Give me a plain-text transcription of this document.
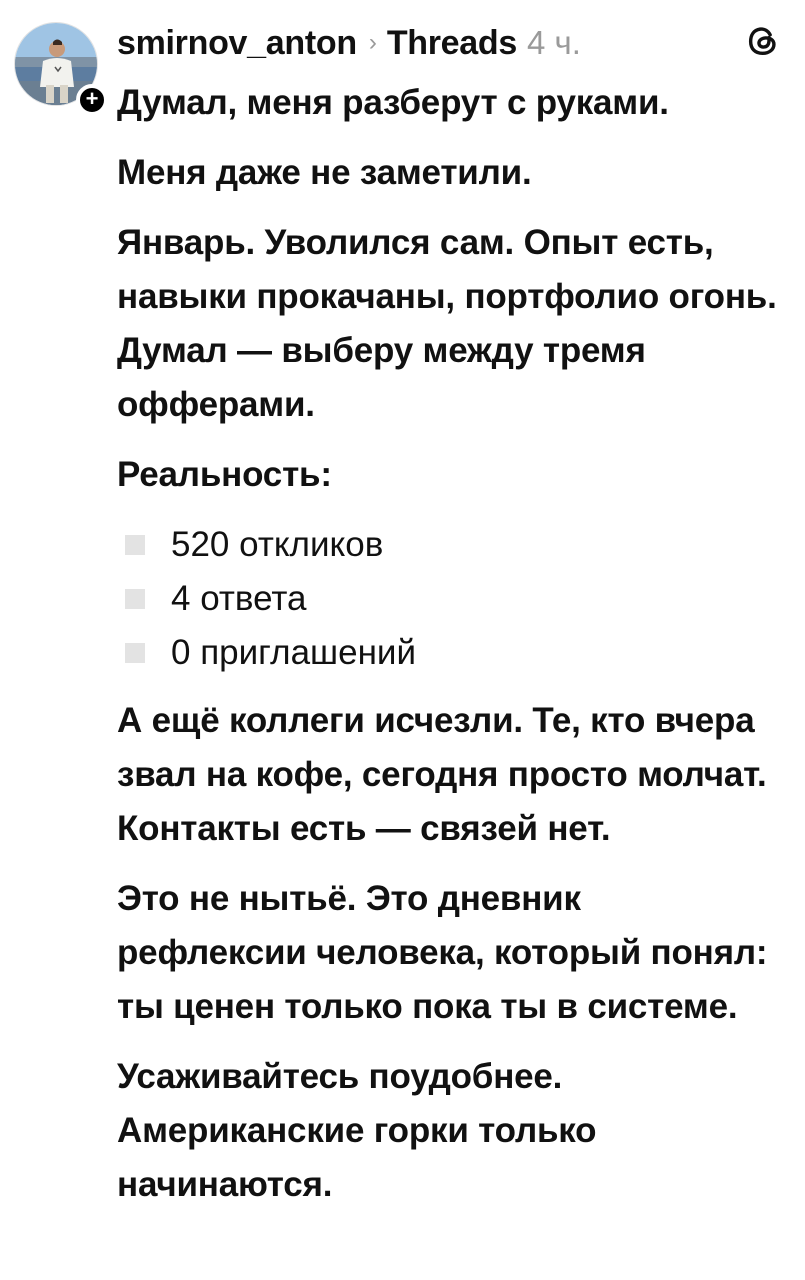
+
smirnov_anton › Threads 4 ч.

Думал, меня разберут с руками.

Меня даже не заметили.

Январь. Уволился сам. Опыт есть, навыки прокачаны, портфолио огонь. Думал — выберу между тремя офферами.

Реальность:

520 откликов
4 ответа
0 приглашений

А ещё коллеги исчезли. Те, кто вчера звал на кофе, сегодня просто молчат. Контакты есть — связей нет.

Это не нытьё. Это дневник рефлексии человека, который понял: ты ценен только пока ты в системе.

Усаживайтесь поудобнее. Американские горки только начинаются.
